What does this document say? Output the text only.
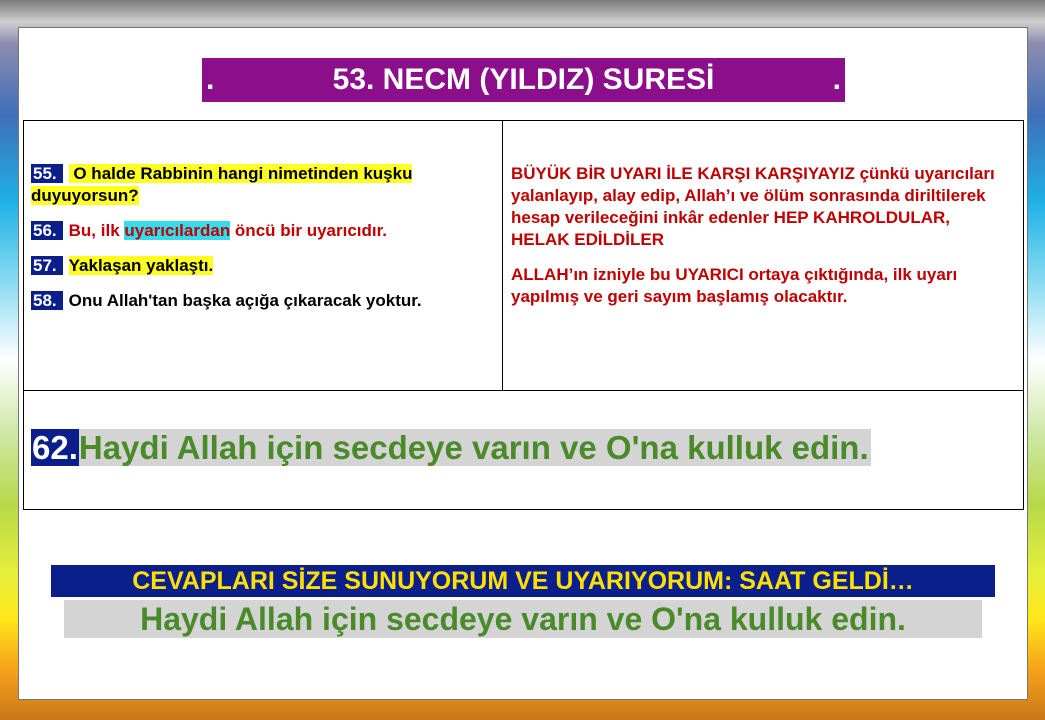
.	53. NECM (YILDIZ) SURESİ	.
55. O halde Rabbinin hangi nimetinden kuşku duyuyorsun?
56. Bu, ilk uyarıcılardan öncü bir uyarıcıdır.
57. Yaklaşan yaklaştı.
58. Onu Allah'tan başka açığa çıkaracak yoktur.

BÜYÜK BİR UYARI İLE KARŞI KARŞIYAYIZ çünkü uyarıcıları yalanlayıp, alay edip, Allah’ı ve ölüm sonrasında diriltilerek hesap verileceğini inkâr edenler HEP KAHROLDULAR, HELAK EDİLDİLER

ALLAH’ın izniyle bu UYARICI ortaya çıktığında, ilk uyarı yapılmış ve geri sayım başlamış olacaktır.

62.Haydi Allah için secdeye varın ve O'na kulluk edin.
CEVAPLARI SİZE SUNUYORUM VE UYARIYORUM: SAAT GELDİ…
Haydi Allah için secdeye varın ve O'na kulluk edin.
